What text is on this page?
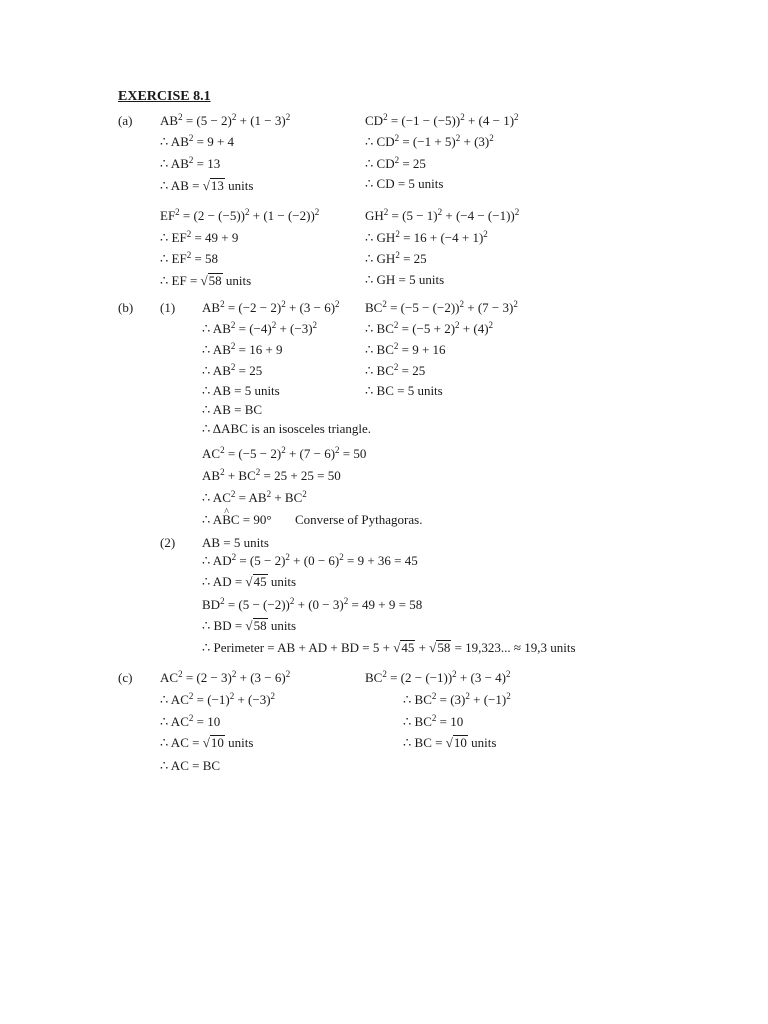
EXERCISE 8.1
(a)
(b) (1)
(2)
(c)
$AB^2 = (5 - 2)^2 + (1 - 3)^2$
∴ $AB^2 = 9 + 4$
∴ $AB^2 = 13$
∴ AB = √13 units
$CD^2 = (-1 - (-5))^2 + (4 - 1)^2$
∴ $CD^2 = (-1 + 5)^2 + (3)^2$
∴ $CD^2 = 25$
∴ CD = 5 units
$EF^2 = (2 - (-5))^2 + (1 - (-2))^2$
∴ $EF^2 = 49 + 9$
∴ $EF^2 = 58$
∴ EF = √58 units
$GH^2 = (5 - 1)^2 + (-4 - (-1))^2$
∴ $GH^2 = 16 + (-4 + 1)^2$
∴ $GH^2 = 25$
∴ GH = 5 units
$AB^2 = (-2 - 2)^2 + (3 - 6)^2$
∴ $AB^2 = (-4)^2 + (-3)^2$
∴ $AB^2 = 16 + 9$
∴ $AB^2 = 25$
∴ AB = 5 units
$BC^2 = (-5 - (-2))^2 + (7 - 3)^2$
∴ $BC^2 = (-5 + 2)^2 + (4)^2$
∴ $BC^2 = 9 + 16$
∴ $BC^2 = 25$
∴ BC = 5 units
∴ AB = BC
∴ ΔABC is an isosceles triangle.
$AC^2 = (-5 - 2)^2 + (7 - 6)^2 = 50$
$AB^2 + BC^2 = 25 + 25 = 50$
∴ $AC^2 = AB^2 + BC^2$
∴ A^ BC = 90° Converse of Pythagoras.
AB = 5 units
∴ $AD^2 = (5 - 2)^2 + (0 - 6)^2 = 9 + 36 = 45$
∴ AD = √45 units
$BD^2 = (5 - (-2))^2 + (0 - 3)^2 = 49 + 9 = 58$
∴ BD = √58 units
∴ Perimeter = AB + AD + BD = 5 + √45 + √58 = 19,323... ≈ 19,3 units
$AC^2 = (2 - 3)^2 + (3 - 6)^2$
∴ $AC^2 = (-1)^2 + (-3)^2$
∴ $AC^2 = 10$
∴ AC = √10 units
∴ AC = BC
$BC^2 = (2 - (-1))^2 + (3 - 4)^2$
∴ $BC^2 = (3)^2 + (-1)^2$
∴ $BC^2 = 10$
∴ BC = √10 units
